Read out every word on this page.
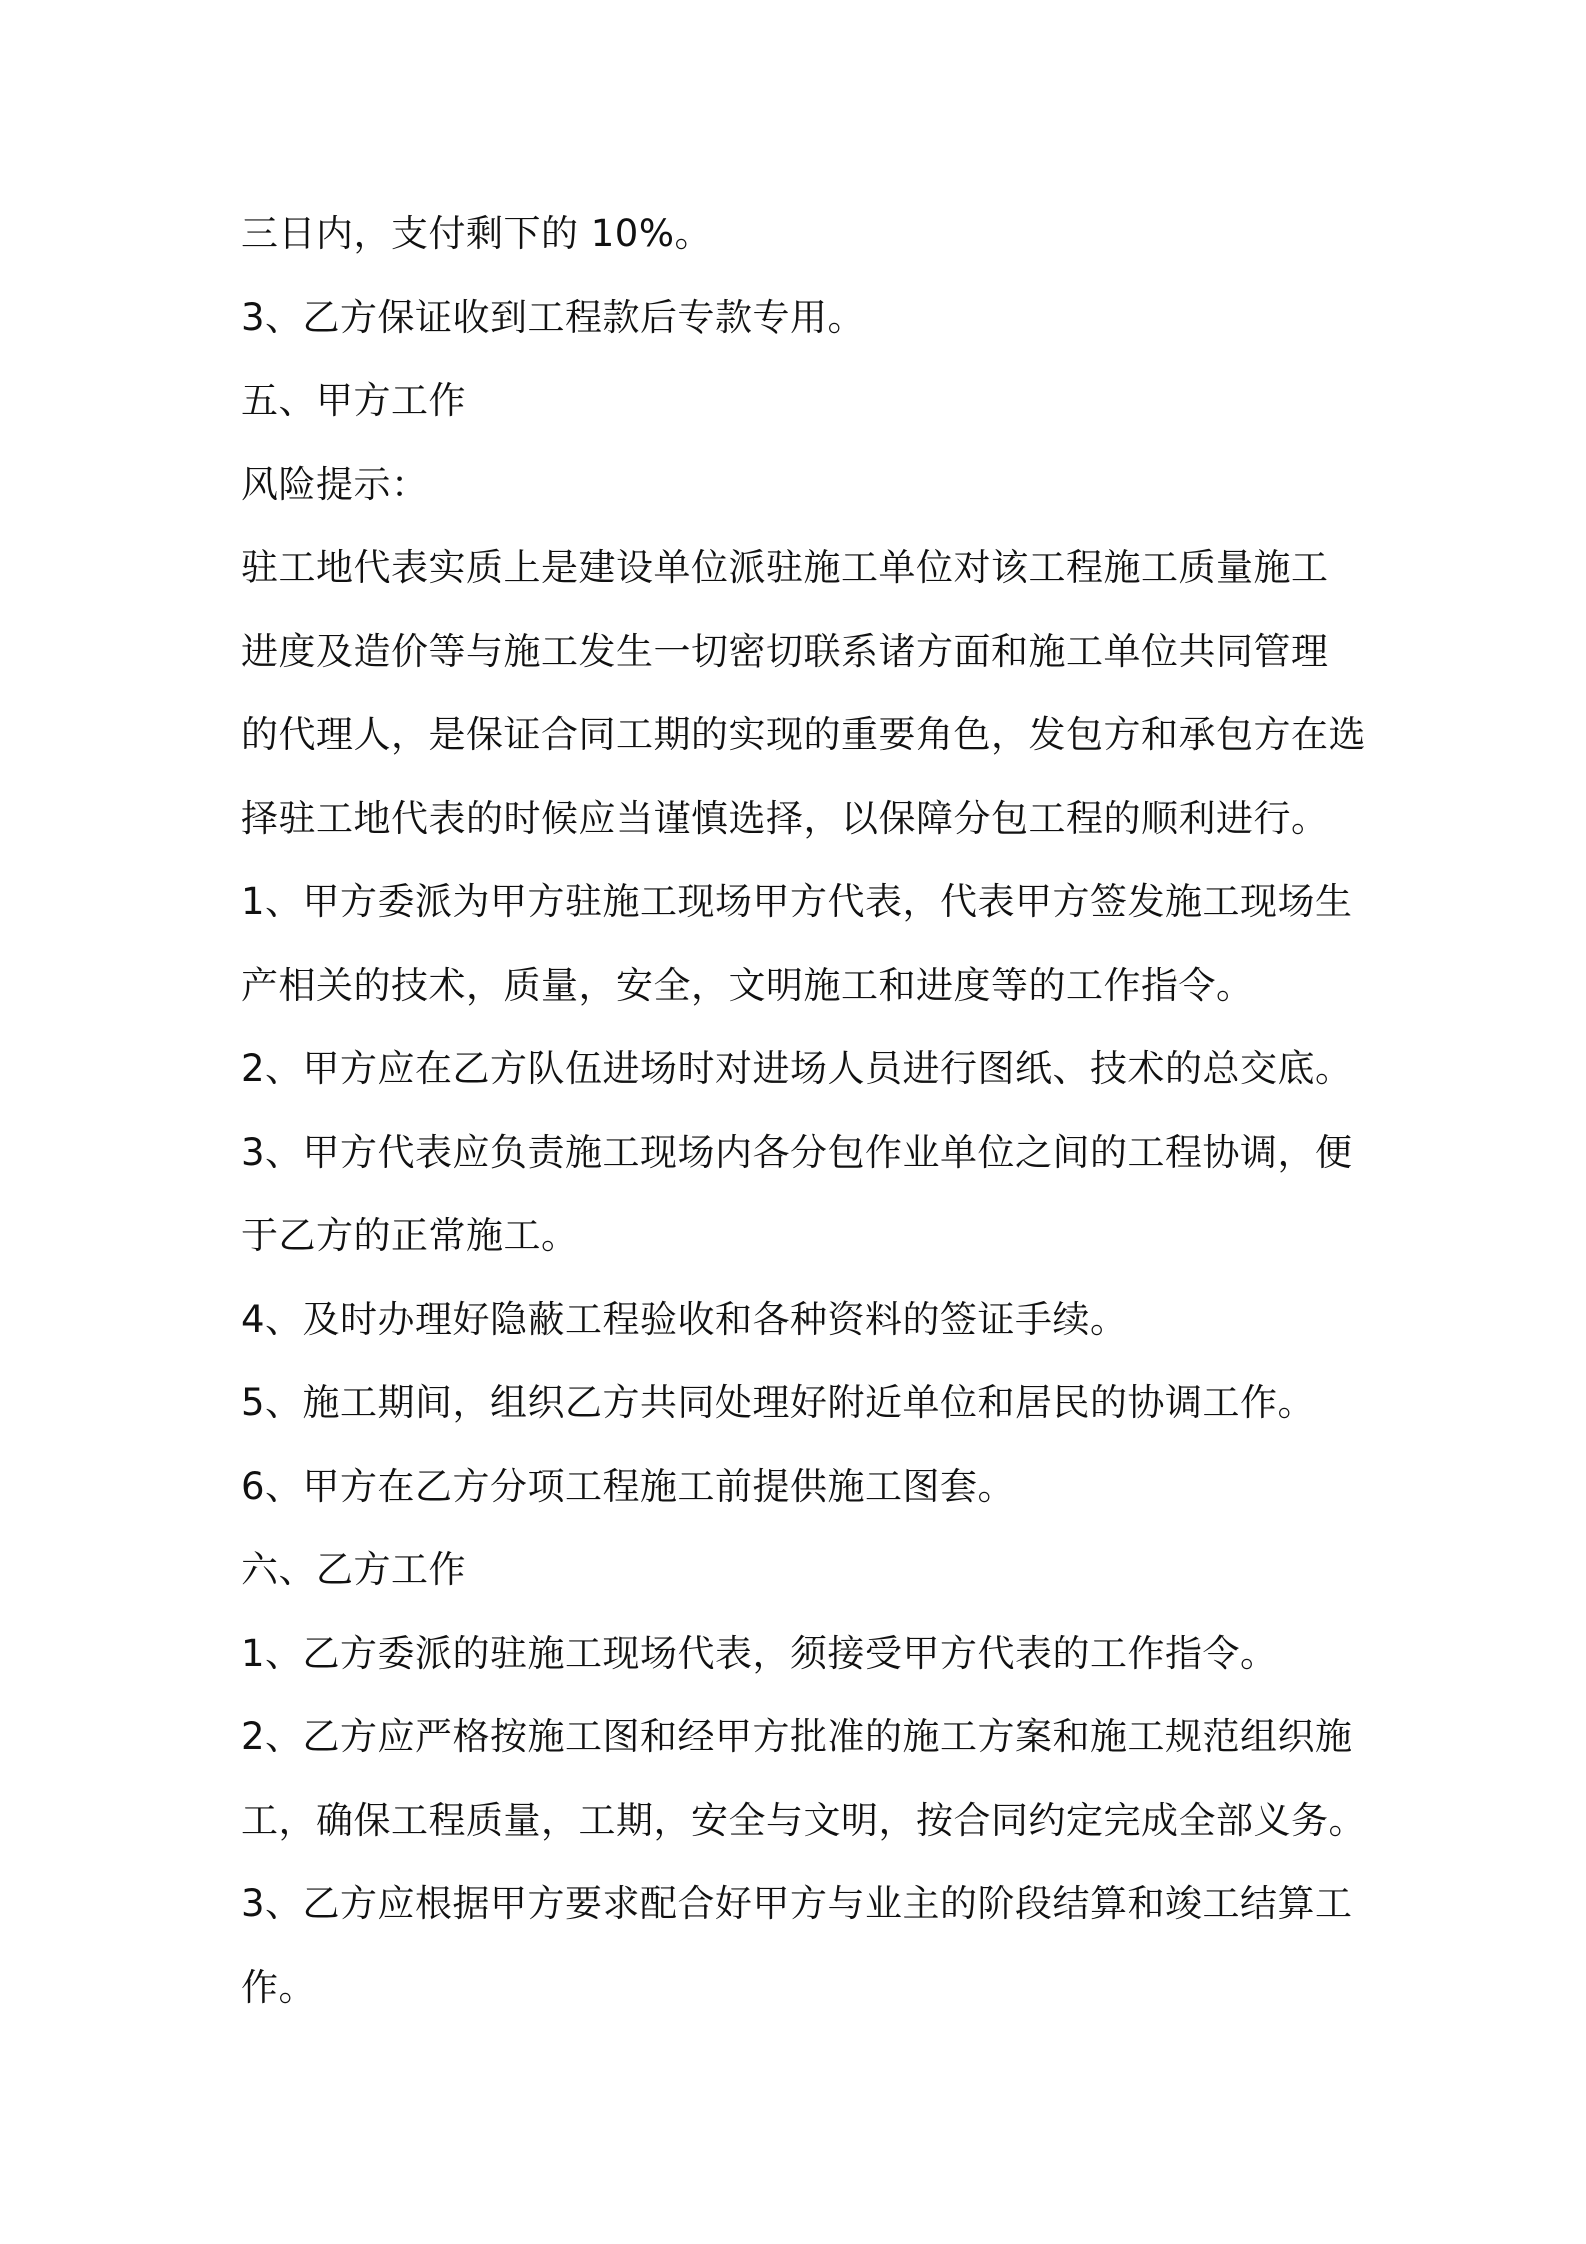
三日内，支付剩下的 10%。
3、乙方保证收到工程款后专款专用。
五、甲方工作
风险提示：
驻工地代表实质上是建设单位派驻施工单位对该工程施工质量施工
进度及造价等与施工发生一切密切联系诸方面和施工单位共同管理
的代理人，是保证合同工期的实现的重要角色，发包方和承包方在选
择驻工地代表的时候应当谨慎选择，以保障分包工程的顺利进行。
1、甲方委派为甲方驻施工现场甲方代表，代表甲方签发施工现场生
产相关的技术，质量，安全，文明施工和进度等的工作指令。
2、甲方应在乙方队伍进场时对进场人员进行图纸、技术的总交底。
3、甲方代表应负责施工现场内各分包作业单位之间的工程协调，便
于乙方的正常施工。
4、及时办理好隐蔽工程验收和各种资料的签证手续。
5、施工期间，组织乙方共同处理好附近单位和居民的协调工作。
6、甲方在乙方分项工程施工前提供施工图套。
六、乙方工作
1、乙方委派的驻施工现场代表，须接受甲方代表的工作指令。
2、乙方应严格按施工图和经甲方批准的施工方案和施工规范组织施
工，确保工程质量，工期，安全与文明，按合同约定完成全部义务。
3、乙方应根据甲方要求配合好甲方与业主的阶段结算和竣工结算工
作。
